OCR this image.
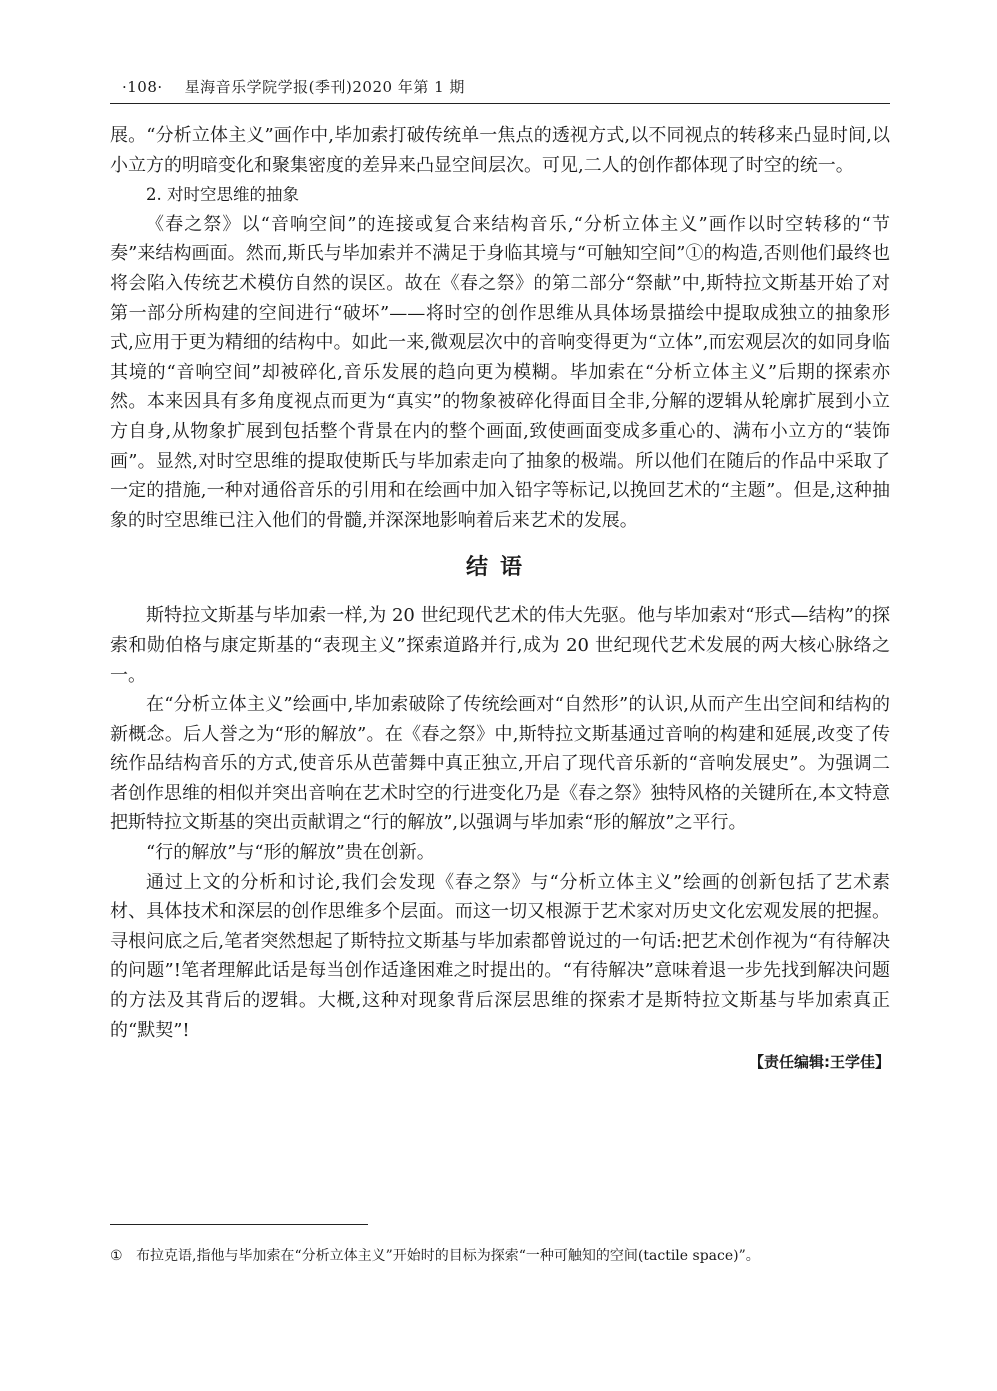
·108· 星海音乐学院学报(季刊)2020 年第 1 期

展。“分析立体主义”画作中,毕加索打破传统单一焦点的透视方式,以不同视点的转移来凸显时间,以小立方的明暗变化和聚集密度的差异来凸显空间层次。可见,二人的创作都体现了时空的统一。

2. 对时空思维的抽象

《春之祭》以“音响空间”的连接或复合来结构音乐,“分析立体主义”画作以时空转移的“节奏”来结构画面。然而,斯氏与毕加索并不满足于身临其境与“可触知空间”①的构造,否则他们最终也将会陷入传统艺术模仿自然的误区。故在《春之祭》的第二部分“祭献”中,斯特拉文斯基开始了对第一部分所构建的空间进行“破坏”——将时空的创作思维从具体场景描绘中提取成独立的抽象形式,应用于更为精细的结构中。如此一来,微观层次中的音响变得更为“立体”,而宏观层次的如同身临其境的“音响空间”却被碎化,音乐发展的趋向更为模糊。毕加索在“分析立体主义”后期的探索亦然。本来因具有多角度视点而更为“真实”的物象被碎化得面目全非,分解的逻辑从轮廓扩展到小立方自身,从物象扩展到包括整个背景在内的整个画面,致使画面变成多重心的、满布小立方的“装饰画”。显然,对时空思维的提取使斯氏与毕加索走向了抽象的极端。所以他们在随后的作品中采取了一定的措施,一种对通俗音乐的引用和在绘画中加入铅字等标记,以挽回艺术的“主题”。但是,这种抽象的时空思维已注入他们的骨髓,并深深地影响着后来艺术的发展。

结语

斯特拉文斯基与毕加索一样,为 20 世纪现代艺术的伟大先驱。他与毕加索对“形式—结构”的探索和勋伯格与康定斯基的“表现主义”探索道路并行,成为 20 世纪现代艺术发展的两大核心脉络之一。

在“分析立体主义”绘画中,毕加索破除了传统绘画对“自然形”的认识,从而产生出空间和结构的新概念。后人誉之为“形的解放”。在《春之祭》中,斯特拉文斯基通过音响的构建和延展,改变了传统作品结构音乐的方式,使音乐从芭蕾舞中真正独立,开启了现代音乐新的“音响发展史”。为强调二者创作思维的相似并突出音响在艺术时空的行进变化乃是《春之祭》独特风格的关键所在,本文特意把斯特拉文斯基的突出贡献谓之“行的解放”,以强调与毕加索“形的解放”之平行。

“行的解放”与“形的解放”贵在创新。

通过上文的分析和讨论,我们会发现《春之祭》与“分析立体主义”绘画的创新包括了艺术素材、具体技术和深层的创作思维多个层面。而这一切又根源于艺术家对历史文化宏观发展的把握。寻根问底之后,笔者突然想起了斯特拉文斯基与毕加索都曾说过的一句话:把艺术创作视为“有待解决的问题”!笔者理解此话是每当创作适逢困难之时提出的。“有待解决”意味着退一步先找到解决问题的方法及其背后的逻辑。大概,这种对现象背后深层思维的探索才是斯特拉文斯基与毕加索真正的“默契”!

【责任编辑:王学佳】

① 布拉克语,指他与毕加索在“分析立体主义”开始时的目标为探索“一种可触知的空间(tactile space)”。
